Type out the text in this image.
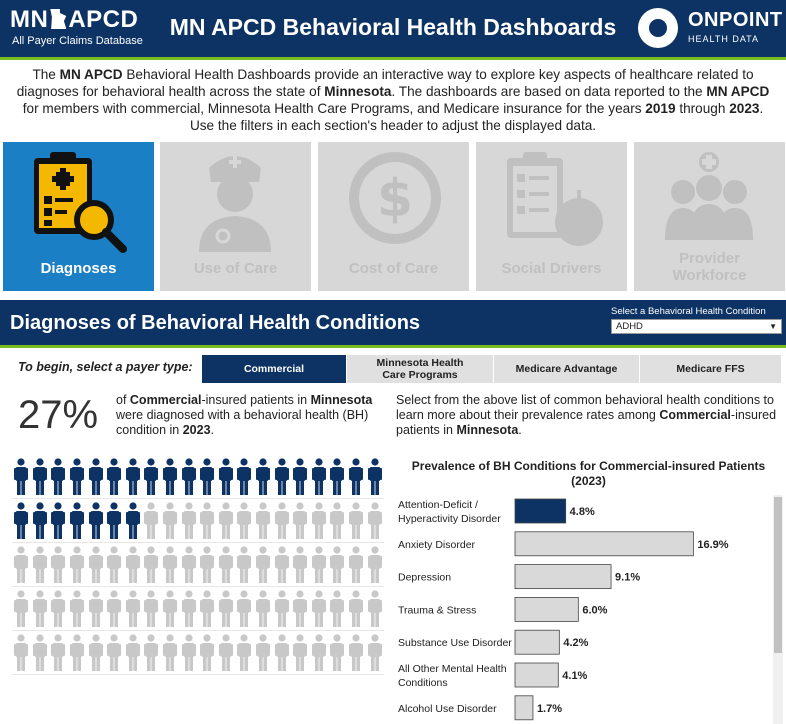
MN APCD
All Payer Claims Database
MN APCD Behavioral Health Dashboards	ONPOINT
HEALTH DATA
The MN APCD Behavioral Health Dashboards provide an interactive way to explore key aspects of healthcare related to diagnoses for behavioral health across the state of Minnesota. The dashboards are based on data reported to the MN APCD for members with commercial, Minnesota Health Care Programs, and Medicare insurance for the years 2019 through 2023. Use the filters in each section's header to adjust the displayed data.
Diagnoses	Use of Care
$
Cost of Care	Social Drivers
Provider
Workforce
Diagnoses of Behavioral Health Conditions
Select a Behavioral Health Condition
ADHD	▼
To begin, select a payer type:	Commercial	Minnesota Health
Care Programs	Medicare Advantage	Medicare FFS
27% of Commercial-insured patients in Minnesota were diagnosed with a behavioral health (BH) condition in 2023.
Select from the above list of common behavioral health conditions to learn more about their prevalence rates among Commercial-insured patients in Minnesota.
Prevalence of BH Conditions for Commercial-insured Patients (2023)
Attention-Deficit /
Hyperactivity Disorder
4.8%
Anxiety Disorder	16.9%
Depression	9.1%
Trauma & Stress	6.0%
Substance Use Disorder	4.2%
All Other Mental Health
Conditions
4.1%
Alcohol Use Disorder	1.7%
